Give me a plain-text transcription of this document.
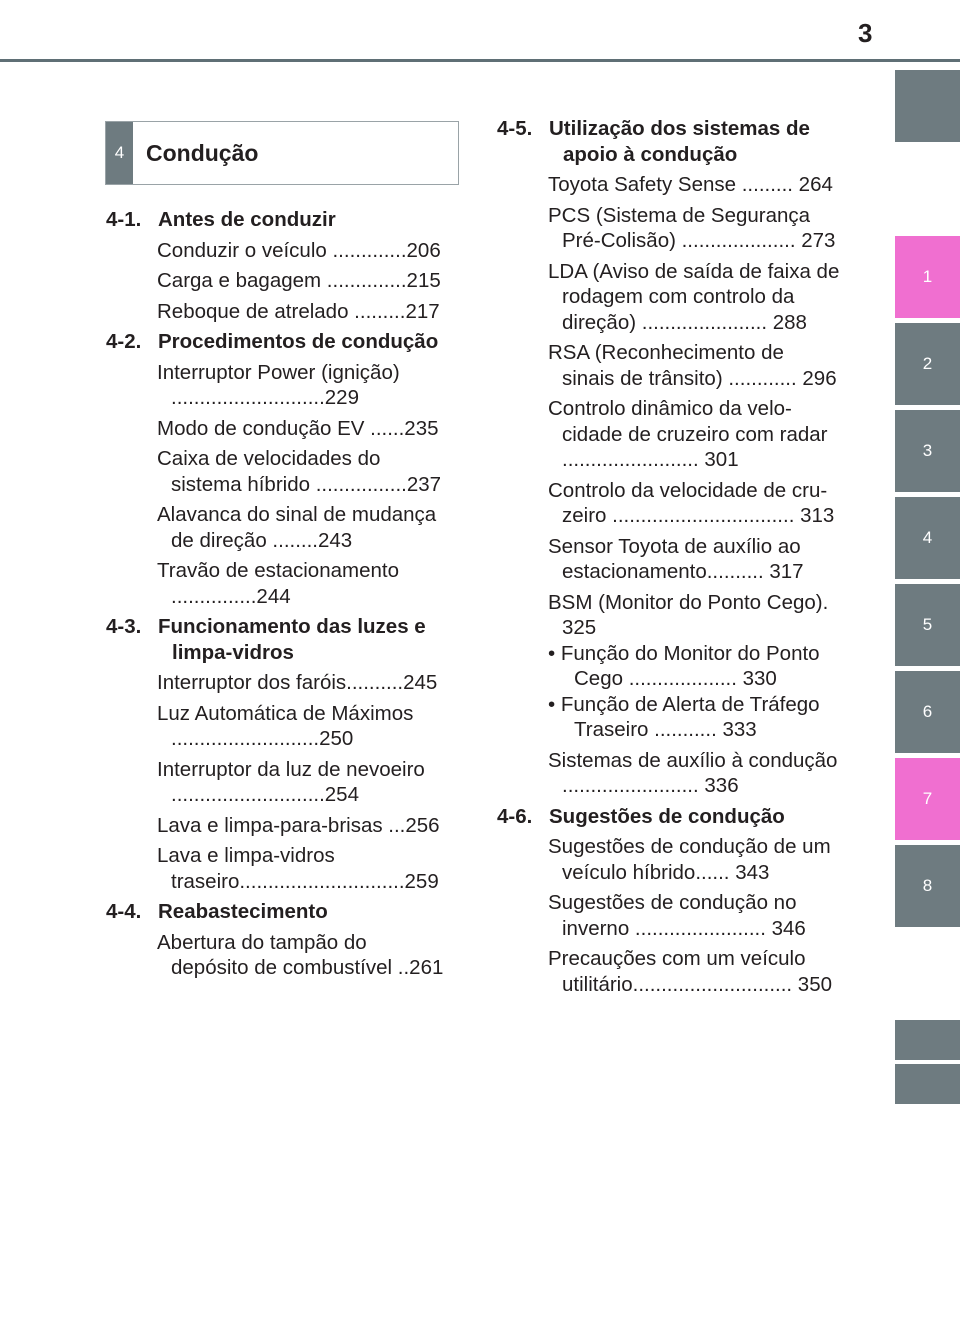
3
1
2
3
4
5
6
7
8
4 Condução
4-1. Antes de conduzir
Conduzir o veículo .............206
Carga e bagagem ..............215
Reboque de atrelado .........217
4-2. Procedimentos de condução
Interruptor Power (ignição) ...........................229
Modo de condução EV ......235
Caixa de velocidades do sistema híbrido ................237
Alavanca do sinal de mudança de direção ........243
Travão de estacionamento ...............244
4-3. Funcionamento das luzes e limpa-vidros
Interruptor dos faróis..........245
Luz Automática de Máximos ..........................250
Interruptor da luz de nevoeiro ...........................254
Lava e limpa-para-brisas ...256
Lava e limpa-vidros traseiro.............................259
4-4. Reabastecimento
Abertura do tampão do depósito de combustível ..261
4-5. Utilização dos sistemas de apoio à condução
Toyota Safety Sense ......... 264
PCS (Sistema de Segurança Pré-Colisão) .................... 273
LDA (Aviso de saída de faixa de rodagem com controlo da direção) ...................... 288
RSA (Reconhecimento de sinais de trânsito) ............ 296
Controlo dinâmico da velo- cidade de cruzeiro com radar ........................ 301
Controlo da velocidade de cru- zeiro ................................ 313
Sensor Toyota de auxílio ao estacionamento.......... 317
BSM (Monitor do Ponto Cego). 325
• Função do Monitor do Ponto Cego ................... 330
• Função de Alerta de Tráfego Traseiro ........... 333
Sistemas de auxílio à condução ........................ 336
4-6. Sugestões de condução
Sugestões de condução de um veículo híbrido...... 343
Sugestões de condução no inverno ....................... 346
Precauções com um veículo utilitário............................ 350
